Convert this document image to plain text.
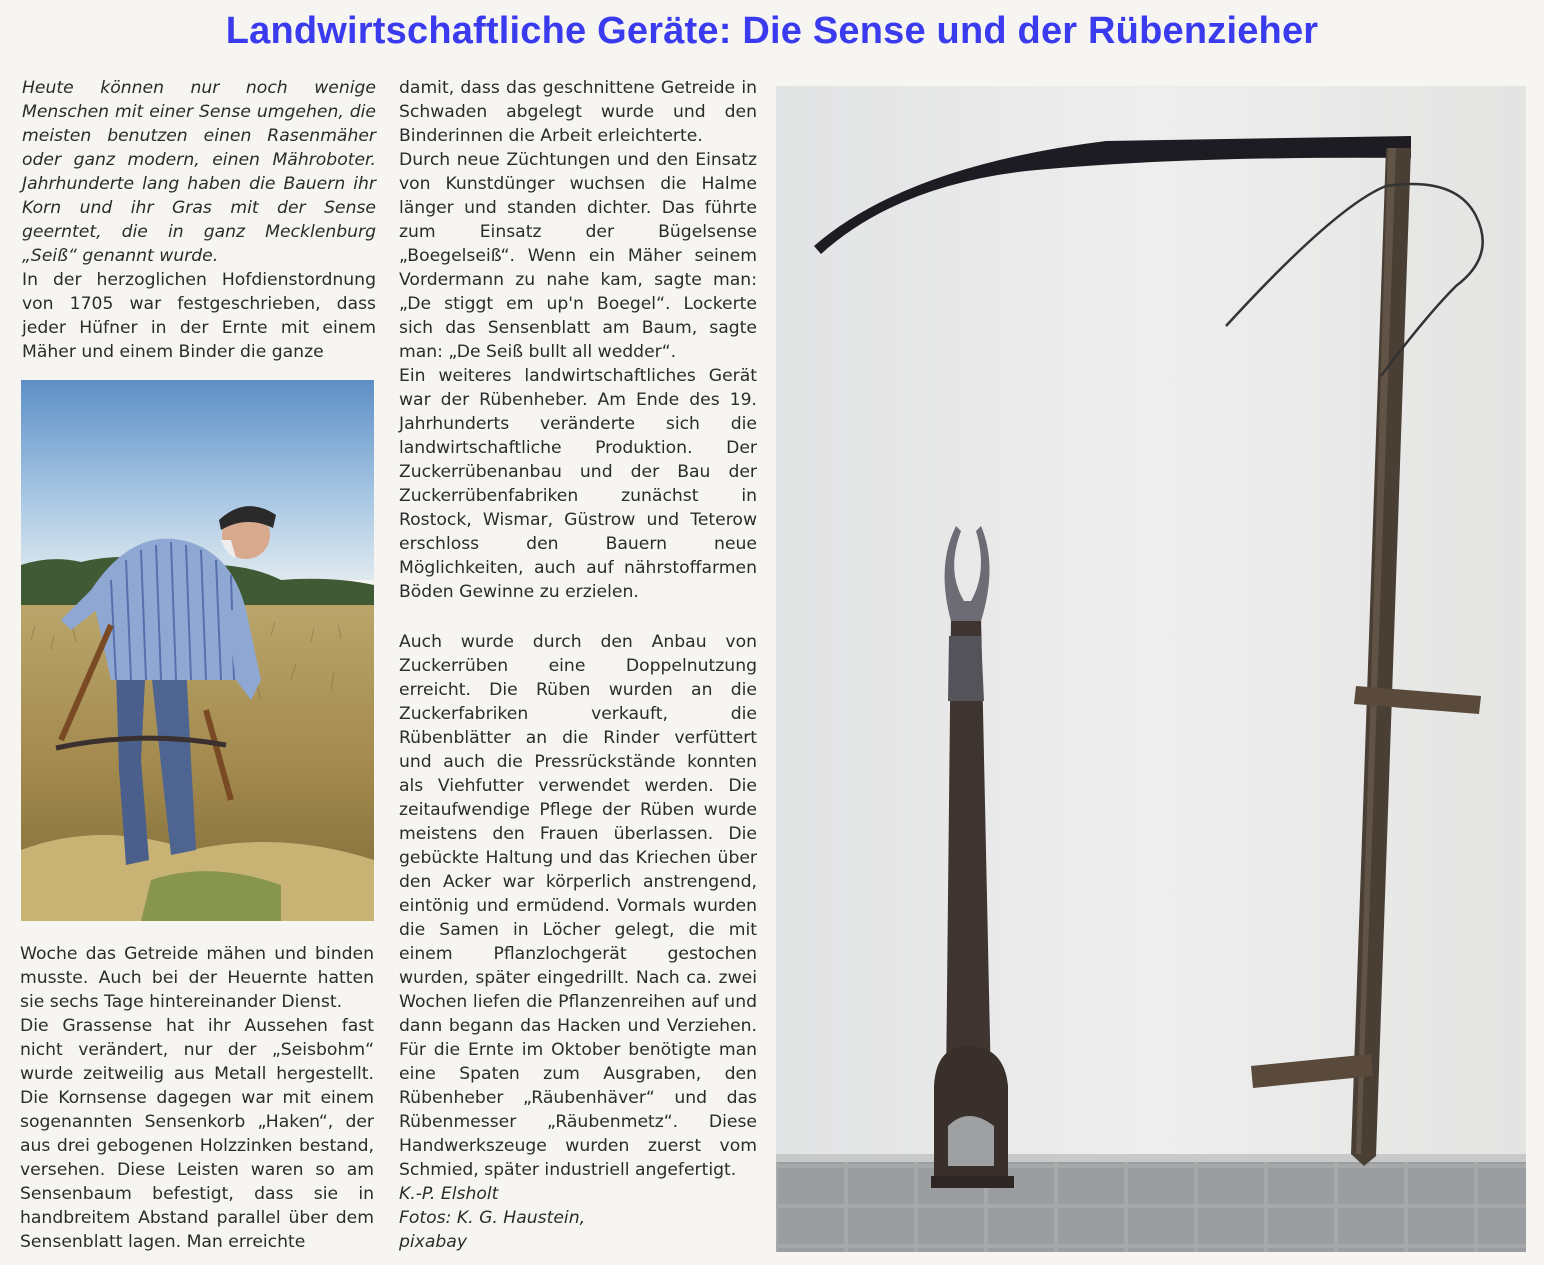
Landwirtschaftliche Geräte: Die Sense und der Rübenzieher

Heute können nur noch wenige Menschen mit einer Sense umgehen, die meisten benutzen einen Rasenmäher oder ganz modern, einen Mähroboter. Jahrhunderte lang haben die Bauern ihr Korn und ihr Gras mit der Sense geerntet, die in ganz Mecklenburg „Seiß“ genannt wurde.

In der herzoglichen Hofdienstordnung von 1705 war festgeschrieben, dass jeder Hüfner in der Ernte mit einem Mäher und einem Binder die ganze

Woche das Getreide mähen und binden musste. Auch bei der Heuernte hatten sie sechs Tage hintereinander Dienst.

Die Grassense hat ihr Aussehen fast nicht verändert, nur der „Seisbohm“ wurde zeitweilig aus Metall hergestellt. Die Kornsense dagegen war mit einem sogenannten Sensenkorb „Haken“, der aus drei gebogenen Holzzinken bestand, versehen. Diese Leisten waren so am Sensenbaum befestigt, dass sie in handbreitem Abstand parallel über dem Sensenblatt lagen. Man erreichte

damit, dass das geschnittene Getreide in Schwaden abgelegt wurde und den Binderinnen die Arbeit erleichterte.

Durch neue Züchtungen und den Einsatz von Kunstdünger wuchsen die Halme länger und standen dichter. Das führte zum Einsatz der Bügelsense „Boegelseiß“. Wenn ein Mäher seinem Vordermann zu nahe kam, sagte man: „De stiggt em up'n Boegel“. Lockerte sich das Sensenblatt am Baum, sagte man: „De Seiß bullt all wedder“.

Ein weiteres landwirtschaftliches Gerät war der Rübenheber. Am Ende des 19. Jahrhunderts veränderte sich die landwirtschaftliche Produktion. Der Zuckerrübenanbau und der Bau der Zuckerrübenfabriken zunächst in Rostock, Wismar, Güstrow und Teterow erschloss den Bauern neue Möglichkeiten, auch auf nährstoffarmen Böden Gewinne zu erzielen.

Auch wurde durch den Anbau von Zuckerrüben eine Doppelnutzung erreicht. Die Rüben wurden an die Zuckerfabriken verkauft, die Rübenblätter an die Rinder verfüttert und auch die Pressrückstände konnten als Viehfutter verwendet werden. Die zeitaufwendige Pflege der Rüben wurde meistens den Frauen überlassen. Die gebückte Haltung und das Kriechen über den Acker war körperlich anstrengend, eintönig und ermüdend. Vormals wurden die Samen in Löcher gelegt, die mit einem Pflanzlochgerät gestochen wurden, später eingedrillt. Nach ca. zwei Wochen liefen die Pflanzenreihen auf und dann begann das Hacken und Verziehen. Für die Ernte im Oktober benötigte man eine Spaten zum Ausgraben, den Rübenheber „Räubenhäver“ und das Rübenmesser „Räubenmetz“. Diese Handwerkszeuge wurden zuerst vom Schmied, später industriell angefertigt.

K.-P. Elsholt

Fotos: K. G. Haustein,

pixabay
